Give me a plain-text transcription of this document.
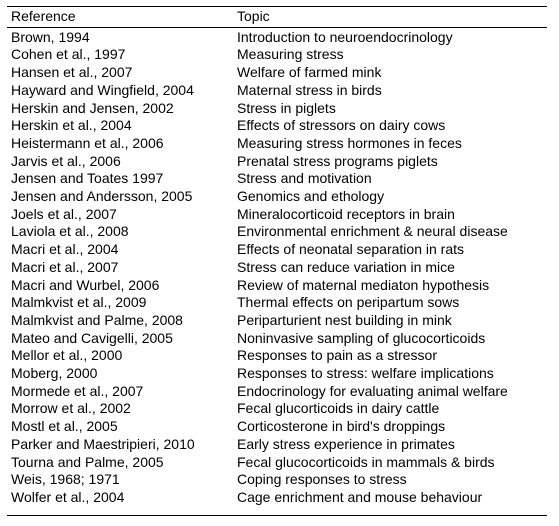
Reference	Topic
Brown, 1994	Introduction to neuroendocrinology
Cohen et al., 1997	Measuring stress
Hansen et al., 2007	Welfare of farmed mink
Hayward and Wingfield, 2004	Maternal stress in birds
Herskin and Jensen, 2002	Stress in piglets
Herskin et al., 2004	Effects of stressors on dairy cows
Heistermann et al., 2006	Measuring stress hormones in feces
Jarvis et al., 2006	Prenatal stress programs piglets
Jensen and Toates 1997	Stress and motivation
Jensen and Andersson, 2005	Genomics and ethology
Joels et al., 2007	Mineralocorticoid receptors in brain
Laviola et al., 2008	Environmental enrichment & neural disease
Macri et al., 2004	Effects of neonatal separation in rats
Macri et al., 2007	Stress can reduce variation in mice
Macri and Wurbel, 2006	Review of maternal mediaton hypothesis
Malmkvist et al., 2009	Thermal effects on peripartum sows
Malmkvist and Palme, 2008	Periparturient nest building in mink
Mateo and Cavigelli, 2005	Noninvasive sampling of glucocorticoids
Mellor et al., 2000	Responses to pain as a stressor
Moberg, 2000	Responses to stress: welfare implications
Mormede et al., 2007	Endocrinology for evaluating animal welfare
Morrow et al., 2002	Fecal glucorticoids in dairy cattle
Mostl et al., 2005	Corticosterone in bird's droppings
Parker and Maestripieri, 2010	Early stress experience in primates
Tourna and Palme, 2005	Fecal glucocorticoids in mammals & birds
Weis, 1968; 1971	Coping responses to stress
Wolfer et al., 2004	Cage enrichment and mouse behaviour
